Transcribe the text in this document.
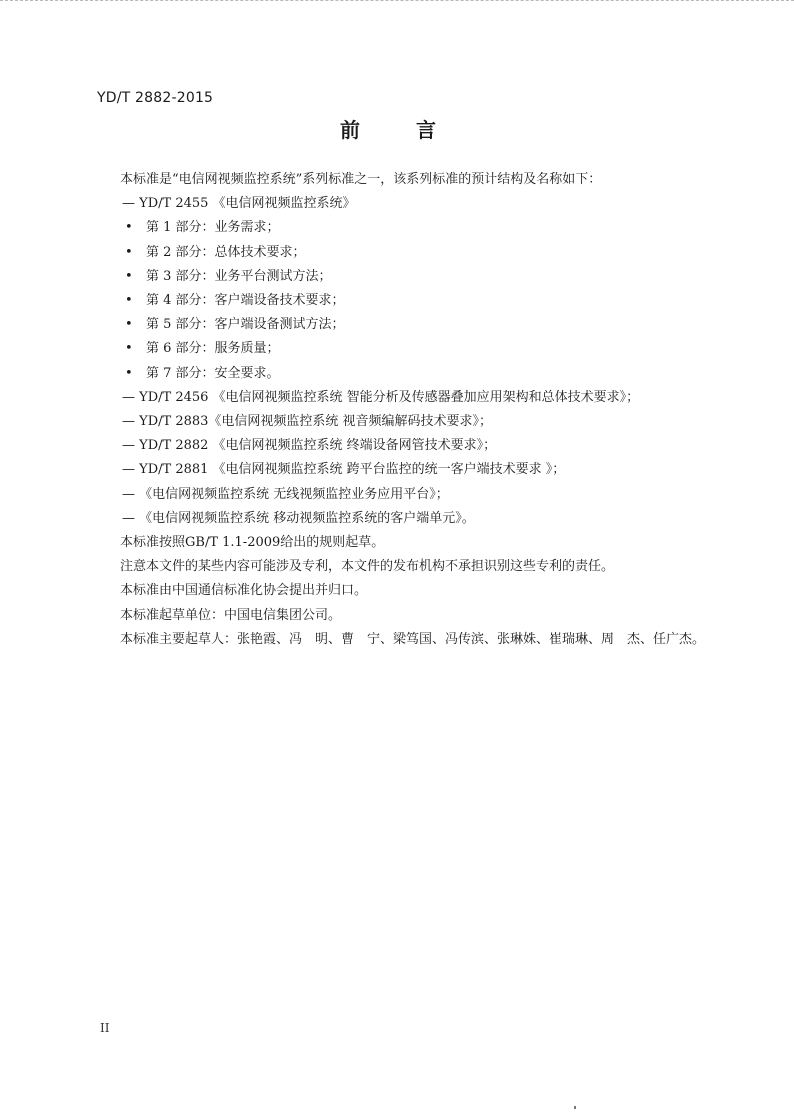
YD/T 2882-2015
前　言
本标准是“电信网视频监控系统”系列标准之一，该系列标准的预计结构及名称如下：
— YD/T 2455 《电信网视频监控系统》
• 第 1 部分：业务需求；
• 第 2 部分：总体技术要求；
• 第 3 部分：业务平台测试方法；
• 第 4 部分：客户端设备技术要求；
• 第 5 部分：客户端设备测试方法；
• 第 6 部分：服务质量；
• 第 7 部分：安全要求。
— YD/T 2456 《电信网视频监控系统 智能分析及传感器叠加应用架构和总体技术要求》；
— YD/T 2883《电信网视频监控系统 视音频编解码技术要求》；
— YD/T 2882 《电信网视频监控系统 终端设备网管技术要求》；
— YD/T 2881 《电信网视频监控系统 跨平台监控的统一客户端技术要求 》；
— 《电信网视频监控系统 无线视频监控业务应用平台》；
— 《电信网视频监控系统 移动视频监控系统的客户端单元》。
本标准按照GB/T 1.1-2009给出的规则起草。
注意本文件的某些内容可能涉及专利，本文件的发布机构不承担识别这些专利的责任。
本标准由中国通信标准化协会提出并归口。
本标准起草单位：中国电信集团公司。
本标准主要起草人：张艳霞、冯　明、曹　宁、梁笃国、冯传滨、张琳姝、崔瑞琳、周　杰、任广杰。
II
